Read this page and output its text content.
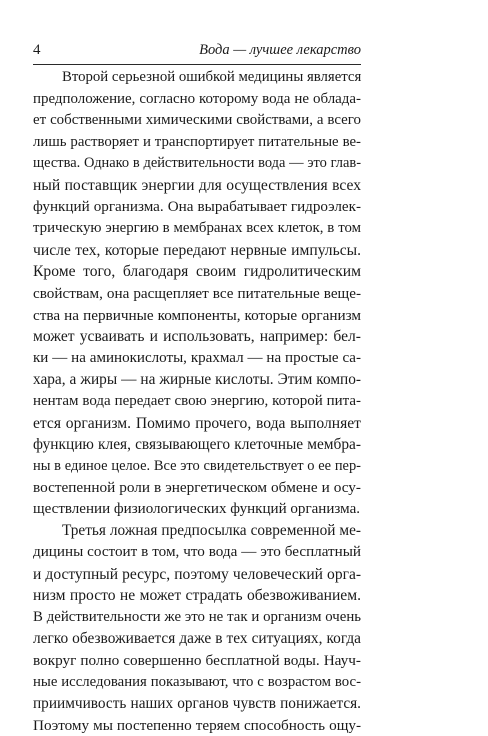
4	Вода — лучшее лекарство

Второй серьезной ошибкой медицины является
предположение, согласно которому вода не облада-
ет собственными химическими свойствами, а всего
лишь растворяет и транспортирует питательные ве-
щества. Однако в действительности вода — это глав-
ный поставщик энергии для осуществления всех
функций организма. Она вырабатывает гидроэлек-
трическую энергию в мембранах всех клеток, в том
числе тех, которые передают нервные импульсы.
Кроме того, благодаря своим гидролитическим
свойствам, она расщепляет все питательные веще-
ства на первичные компоненты, которые организм
может усваивать и использовать, например: бел-
ки — на аминокислоты, крахмал — на простые са-
хара, а жиры — на жирные кислоты. Этим компо-
нентам вода передает свою энергию, которой пита-
ется организм. Помимо прочего, вода выполняет
функцию клея, связывающего клеточные мембра-
ны в единое целое. Все это свидетельствует о ее пер-
востепенной роли в энергетическом обмене и осу-
ществлении физиологических функций организма.

Третья ложная предпосылка современной ме-
дицины состоит в том, что вода — это бесплатный
и доступный ресурс, поэтому человеческий орга-
низм просто не может страдать обезвоживанием.
В действительности же это не так и организм очень
легко обезвоживается даже в тех ситуациях, когда
вокруг полно совершенно бесплатной воды. Науч-
ные исследования показывают, что с возрастом вос-
приимчивость наших органов чувств понижается.
Поэтому мы постепенно теряем способность ощу-
